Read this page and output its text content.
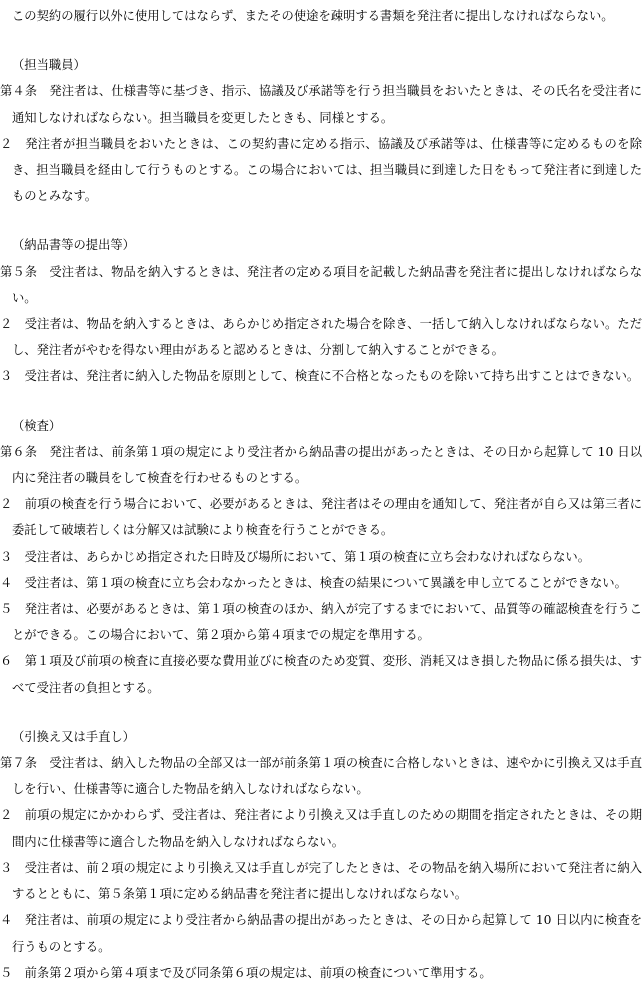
この契約の履行以外に使用してはならず、またその使途を疎明する書類を発注者に提出しなければならない。
（担当職員）
第４条　発注者は、仕様書等に基づき、指示、協議及び承諾等を行う担当職員をおいたときは、その氏名を受注者に通知しなければならない。担当職員を変更したときも、同様とする。
２　発注者が担当職員をおいたときは、この契約書に定める指示、協議及び承諾等は、仕様書等に定めるものを除き、担当職員を経由して行うものとする。この場合においては、担当職員に到達した日をもって発注者に到達したものとみなす。
（納品書等の提出等）
第５条　受注者は、物品を納入するときは、発注者の定める項目を記載した納品書を発注者に提出しなければならない。
２　受注者は、物品を納入するときは、あらかじめ指定された場合を除き、一括して納入しなければならない。ただし、発注者がやむを得ない理由があると認めるときは、分割して納入することができる。
３　受注者は、発注者に納入した物品を原則として、検査に不合格となったものを除いて持ち出すことはできない。
（検査）
第６条　発注者は、前条第１項の規定により受注者から納品書の提出があったときは、その日から起算して 10 日以内に発注者の職員をして検査を行わせるものとする。
２　前項の検査を行う場合において、必要があるときは、発注者はその理由を通知して、発注者が自ら又は第三者に委託して破壊若しくは分解又は試験により検査を行うことができる。
３　受注者は、あらかじめ指定された日時及び場所において、第１項の検査に立ち会わなければならない。
４　受注者は、第１項の検査に立ち会わなかったときは、検査の結果について異議を申し立てることができない。
５　発注者は、必要があるときは、第１項の検査のほか、納入が完了するまでにおいて、品質等の確認検査を行うことができる。この場合において、第２項から第４項までの規定を準用する。
６　第１項及び前項の検査に直接必要な費用並びに検査のため変質、変形、消耗又はき損した物品に係る損失は、すべて受注者の負担とする。
（引換え又は手直し）
第７条　受注者は、納入した物品の全部又は一部が前条第１項の検査に合格しないときは、速やかに引換え又は手直しを行い、仕様書等に適合した物品を納入しなければならない。
２　前項の規定にかかわらず、受注者は、発注者により引換え又は手直しのための期間を指定されたときは、その期間内に仕様書等に適合した物品を納入しなければならない。
３　受注者は、前２項の規定により引換え又は手直しが完了したときは、その物品を納入場所において発注者に納入するとともに、第５条第１項に定める納品書を発注者に提出しなければならない。
４　発注者は、前項の規定により受注者から納品書の提出があったときは、その日から起算して 10 日以内に検査を行うものとする。
５　前条第２項から第４項まで及び同条第６項の規定は、前項の検査について準用する。
